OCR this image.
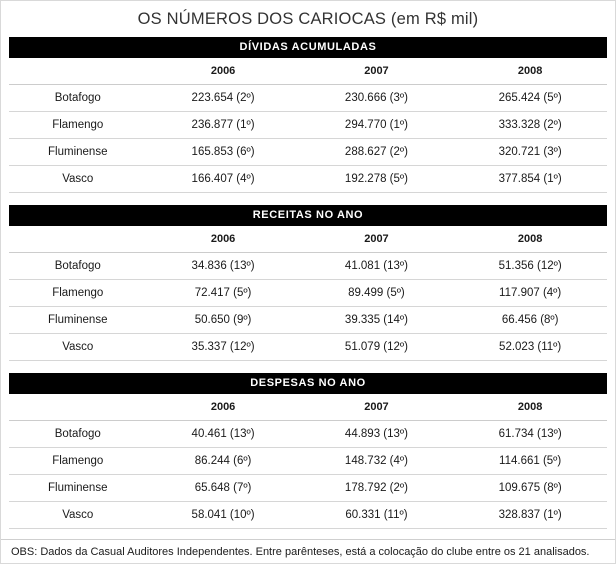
OS NÚMEROS DOS CARIOCAS (em R$ mil)
DÍVIDAS ACUMULADAS			
	2006	2007	2008
Botafogo	223.654 (2º)	230.666 (3º)	265.424 (5º)
Flamengo	236.877 (1º)	294.770 (1º)	333.328 (2º)
Fluminense	165.853 (6º)	288.627 (2º)	320.721 (3º)
Vasco	166.407 (4º)	192.278 (5º)	377.854 (1º)
RECEITAS NO ANO			
	2006	2007	2008
Botafogo	34.836 (13º)	41.081 (13º)	51.356 (12º)
Flamengo	72.417 (5º)	89.499 (5º)	117.907 (4º)
Fluminense	50.650 (9º)	39.335 (14º)	66.456 (8º)
Vasco	35.337 (12º)	51.079 (12º)	52.023 (11º)
DESPESAS NO ANO			
	2006	2007	2008
Botafogo	40.461 (13º)	44.893 (13º)	61.734 (13º)
Flamengo	86.244 (6º)	148.732 (4º)	114.661 (5º)
Fluminense	65.648 (7º)	178.792 (2º)	109.675 (8º)
Vasco	58.041 (10º)	60.331 (11º)	328.837 (1º)
OBS: Dados da Casual Auditores Independentes. Entre parênteses, está a colocação do clube entre os 21 analisados.
